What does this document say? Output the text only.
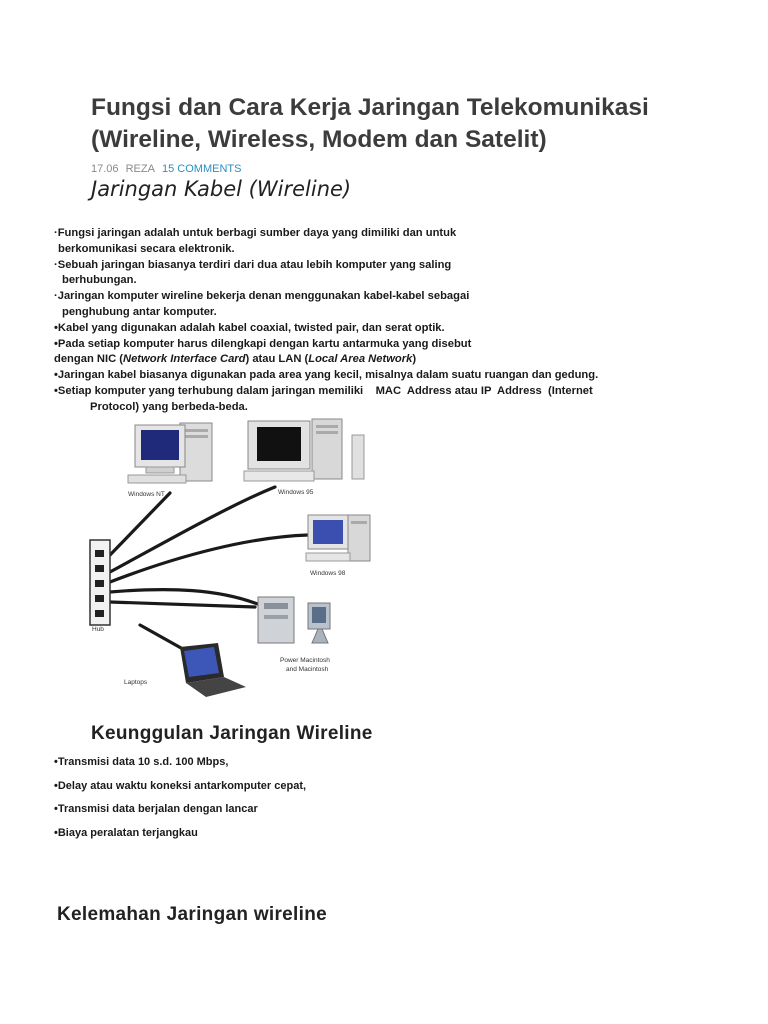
Fungsi dan Cara Kerja Jaringan Telekomunikasi
(Wireline, Wireless, Modem dan Satelit)
17.06 REZA 15 COMMENTS
Jaringan Kabel (Wireline)
·Fungsi jaringan adalah untuk berbagi sumber daya yang dimiliki dan untuk
berkomunikasi secara elektronik.
·Sebuah jaringan biasanya terdiri dari dua atau lebih komputer yang saling
berhubungan.
·Jaringan komputer wireline bekerja denan menggunakan kabel-kabel sebagai
penghubung antar komputer.
•Kabel yang digunakan adalah kabel coaxial, twisted pair, dan serat optik.
•Pada setiap komputer harus dilengkapi dengan kartu antarmuka yang disebut
dengan NIC (Network Interface Card) atau LAN (Local Area Network)
•Jaringan kabel biasanya digunakan pada area yang kecil, misalnya dalam suatu ruangan dan gedung.
•Setiap komputer yang terhubung dalam jaringan memiliki    MAC  Address atau IP  Address  (Internet
Protocol) yang berbeda-beda.
Hub
Windows NT	Windows 95
Windows 98
Power Macintosh
and Macintosh
Laptops
Keunggulan Jaringan Wireline
•Transmisi data 10 s.d. 100 Mbps,
•Delay atau waktu koneksi antarkomputer cepat,
•Transmisi data berjalan dengan lancar
•Biaya peralatan terjangkau
Kelemahan Jaringan wireline
